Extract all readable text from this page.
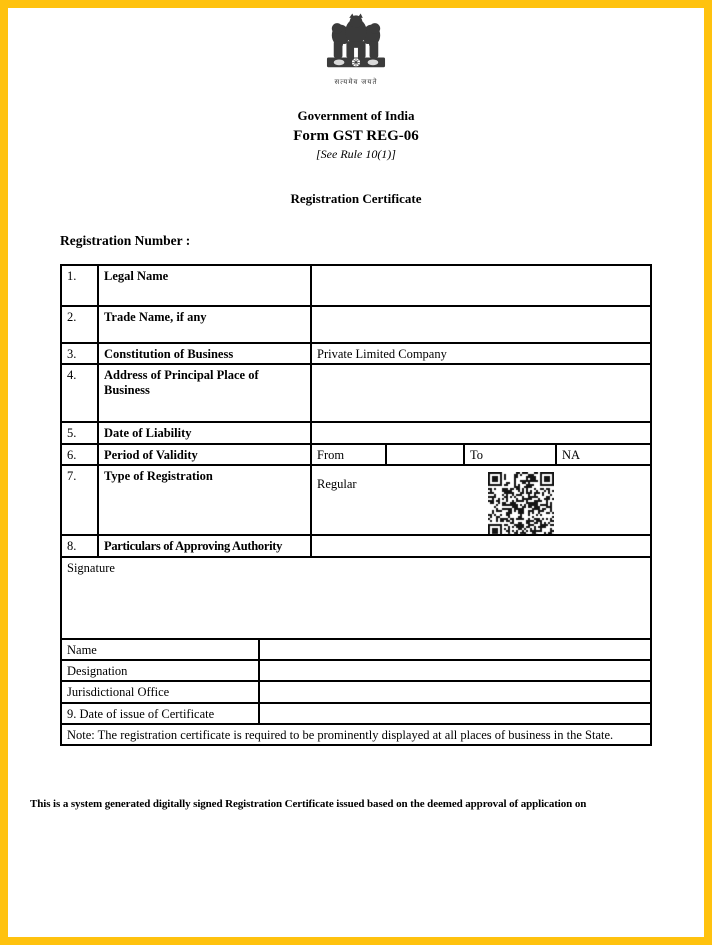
सत्यमेव जयते
Government of India
Form GST REG-06
[See Rule 10(1)]
Registration Certificate
Registration Number :
1.	Legal Name					
2.	Trade Name, if any					
3.	Constitution of Business		Private Limited Company			
4.	Address of Principal Place of Business					
5.	Date of Liability					
6.	Period of Validity		From		To	NA
7.	Type of Registration		Regular			

8.	Particulars of Approving Authority					
Signature						
Name						
Designation						
Jurisdictional Office						
9. Date of issue of Certificate						
Note: The registration certificate is required to be prominently displayed at all places of business in the State.						
This is a system generated digitally signed Registration Certificate issued based on the deemed approval of application on
